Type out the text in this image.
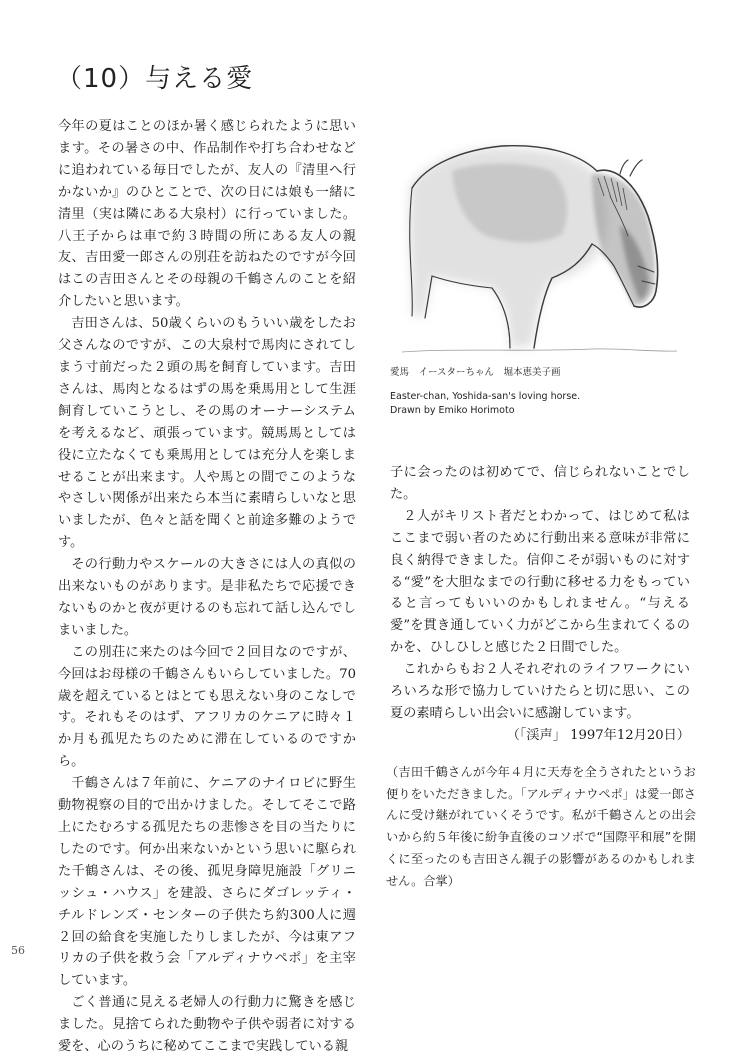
（10）与える愛

今年の夏はことのほか暑く感じられたように思います。その暑さの中、作品制作や打ち合わせなどに追われている毎日でしたが、友人の『清里へ行かないか』のひとことで、次の日には娘も一緒に清里（実は隣にある大泉村）に行っていました。八王子からは車で約３時間の所にある友人の親友、吉田愛一郎さんの別荘を訪ねたのですが今回はこの吉田さんとその母親の千鶴さんのことを紹介したいと思います。

吉田さんは、50歳くらいのもういい歳をしたお父さんなのですが、この大泉村で馬肉にされてしまう寸前だった２頭の馬を飼育しています。吉田さんは、馬肉となるはずの馬を乗馬用として生涯飼育していこうとし、その馬のオーナーシステムを考えるなど、頑張っています。競馬馬としては役に立たなくても乗馬用としては充分人を楽しませることが出来ます。人や馬との間でこのようなやさしい関係が出来たら本当に素晴らしいなと思いましたが、色々と話を聞くと前途多難のようです。

その行動力やスケールの大きさには人の真似の出来ないものがあります。是非私たちで応援できないものかと夜が更けるのも忘れて話し込んでしまいました。

この別荘に来たのは今回で２回目なのですが、今回はお母様の千鶴さんもいらしていました。70歳を超えているとはとても思えない身のこなしです。それもそのはず、アフリカのケニアに時々１か月も孤児たちのために滞在しているのですから。

千鶴さんは７年前に、ケニアのナイロビに野生動物視察の目的で出かけました。そしてそこで路上にたむろする孤児たちの悲惨さを目の当たりにしたのです。何か出来ないかという思いに駆られた千鶴さんは、その後、孤児身障児施設「グリニッシュ・ハウス」を建設、さらにダゴレッティ・チルドレンズ・センターの子供たち約300人に週２回の給食を実施したりしましたが、今は東アフリカの子供を救う会「アルディナウペポ」を主宰しています。

ごく普通に見える老婦人の行動力に驚きを感じました。見捨てられた動物や子供や弱者に対する愛を、心のうちに秘めてここまで実践している親

愛馬　イースターちゃん　堀本恵美子画
Easter-chan, Yoshida-san's loving horse.
Drawn by Emiko Horimoto

子に会ったのは初めてで、信じられないことでした。

２人がキリスト者だとわかって、はじめて私はここまで弱い者のために行動出来る意味が非常に良く納得できました。信仰こそが弱いものに対する“愛”を大胆なまでの行動に移せる力をもっていると言ってもいいのかもしれません。“与える愛”を貫き通していく力がどこから生まれてくるのかを、ひしひしと感じた２日間でした。

これからもお２人それぞれのライフワークにいろいろな形で協力していけたらと切に思い、この夏の素晴らしい出会いに感謝しています。

（「渓声」 1997年12月20日）

（吉田千鶴さんが今年４月に天寿を全うされたというお便りをいただきました。「アルディナウペポ」は愛一郎さんに受け継がれていくそうです。私が千鶴さんとの出会いから約５年後に紛争直後のコソボで“国際平和展”を開くに至ったのも吉田さん親子の影響があるのかもしれません。合掌）
56
